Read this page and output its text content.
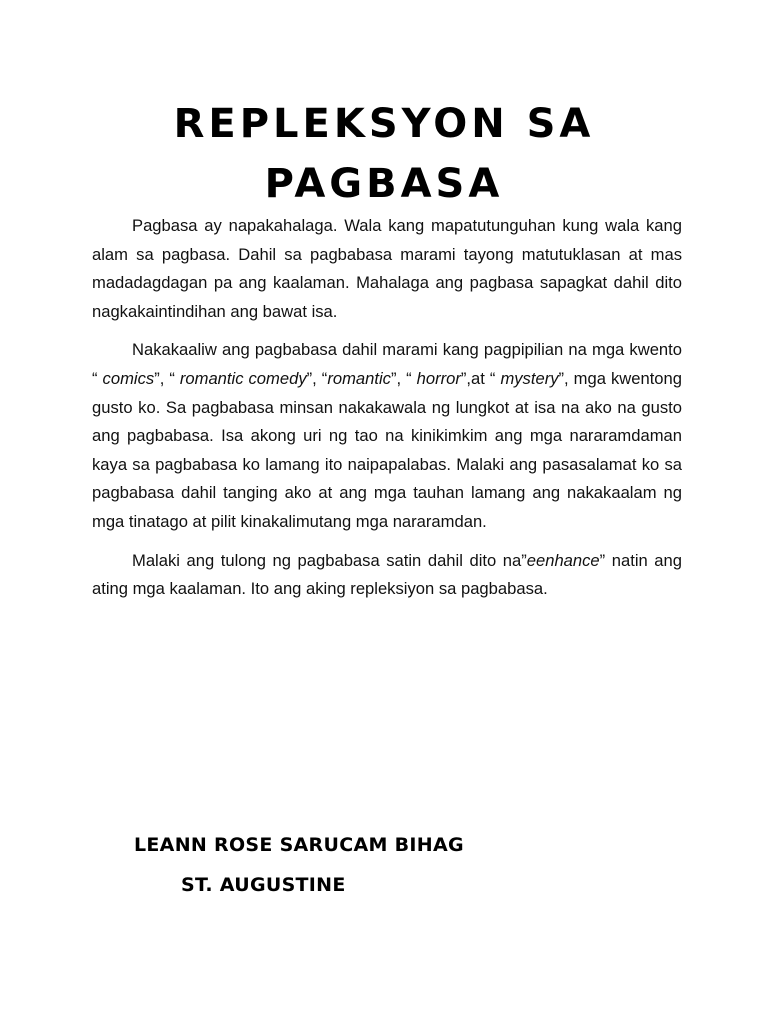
REPLEKSYON SA
PAGBASA

Pagbasa ay napakahalaga. Wala kang mapatutunguhan kung wala kang alam sa pagbasa. Dahil sa pagbabasa marami tayong matutuklasan at mas madadagdagan pa ang kaalaman. Mahalaga ang pagbasa sapagkat dahil dito nagkakaintindihan ang bawat isa.

Nakakaaliw ang pagbabasa dahil marami kang pagpipilian na mga kwento “ comics”, “ romantic comedy”, “romantic”, “ horror”,at “ mystery”, mga kwentong gusto ko. Sa pagbabasa minsan nakakawala ng lungkot at isa na ako na gusto ang pagbabasa. Isa akong uri ng tao na kinikimkim ang mga nararamdaman kaya sa pagbabasa ko lamang ito naipapalabas. Malaki ang pasasalamat ko sa pagbabasa dahil tanging ako at ang mga tauhan lamang ang nakakaalam ng mga tinatago at pilit kinakalimutang mga nararamdan.

Malaki ang tulong ng pagbabasa satin dahil dito na”eenhance” natin ang ating mga kaalaman. Ito ang aking repleksiyon sa pagbabasa.

LEANN ROSE SARUCAM BIHAG

ST. AUGUSTINE
